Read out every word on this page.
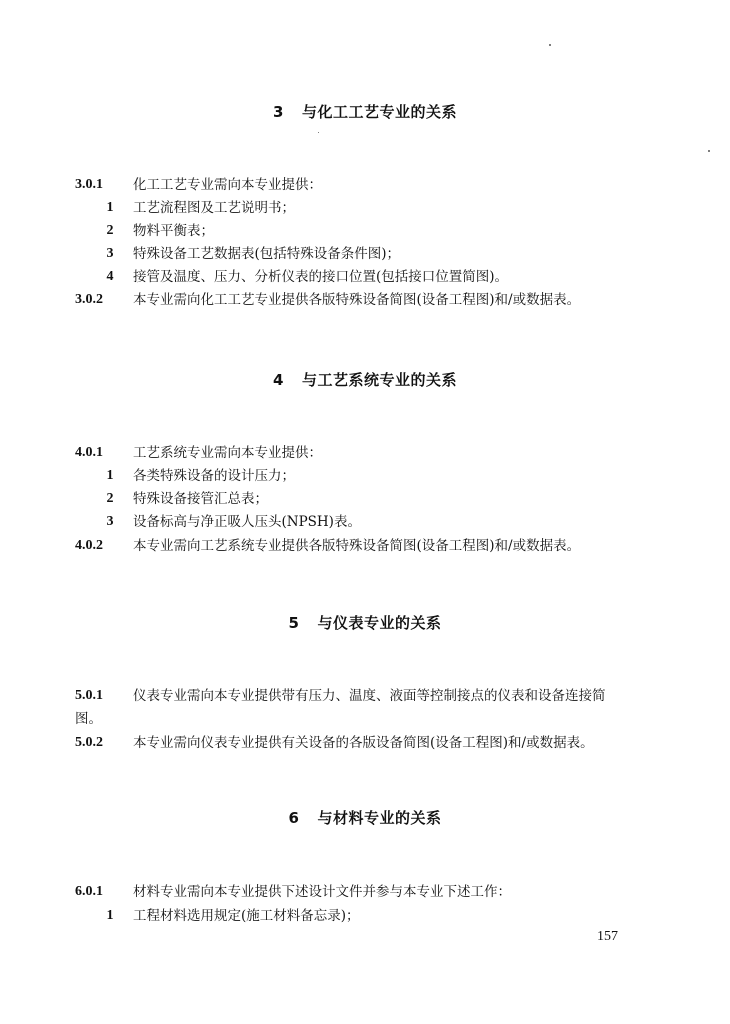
3 与化工工艺专业的关系
3.0.1	化工工艺专业需向本专业提供：
1	工艺流程图及工艺说明书；
2	物料平衡表；
3	特殊设备工艺数据表(包括特殊设备条件图)；
4	接管及温度、压力、分析仪表的接口位置(包括接口位置简图)。
3.0.2	本专业需向化工工艺专业提供各版特殊设备简图(设备工程图)和/或数据表。
4 与工艺系统专业的关系
4.0.1	工艺系统专业需向本专业提供：
1	各类特殊设备的设计压力；
2	特殊设备接管汇总表；
3	设备标高与净正吸人压头(NPSH)表。
4.0.2	本专业需向工艺系统专业提供各版特殊设备简图(设备工程图)和/或数据表。
5 与仪表专业的关系
5.0.1	仪表专业需向本专业提供带有压力、温度、液面等控制接点的仪表和设备连接简
图。
5.0.2	本专业需向仪表专业提供有关设备的各版设备简图(设备工程图)和/或数据表。
6 与材料专业的关系
6.0.1	材料专业需向本专业提供下述设计文件并参与本专业下述工作：
1	工程材料选用规定(施工材料备忘录)；
157
